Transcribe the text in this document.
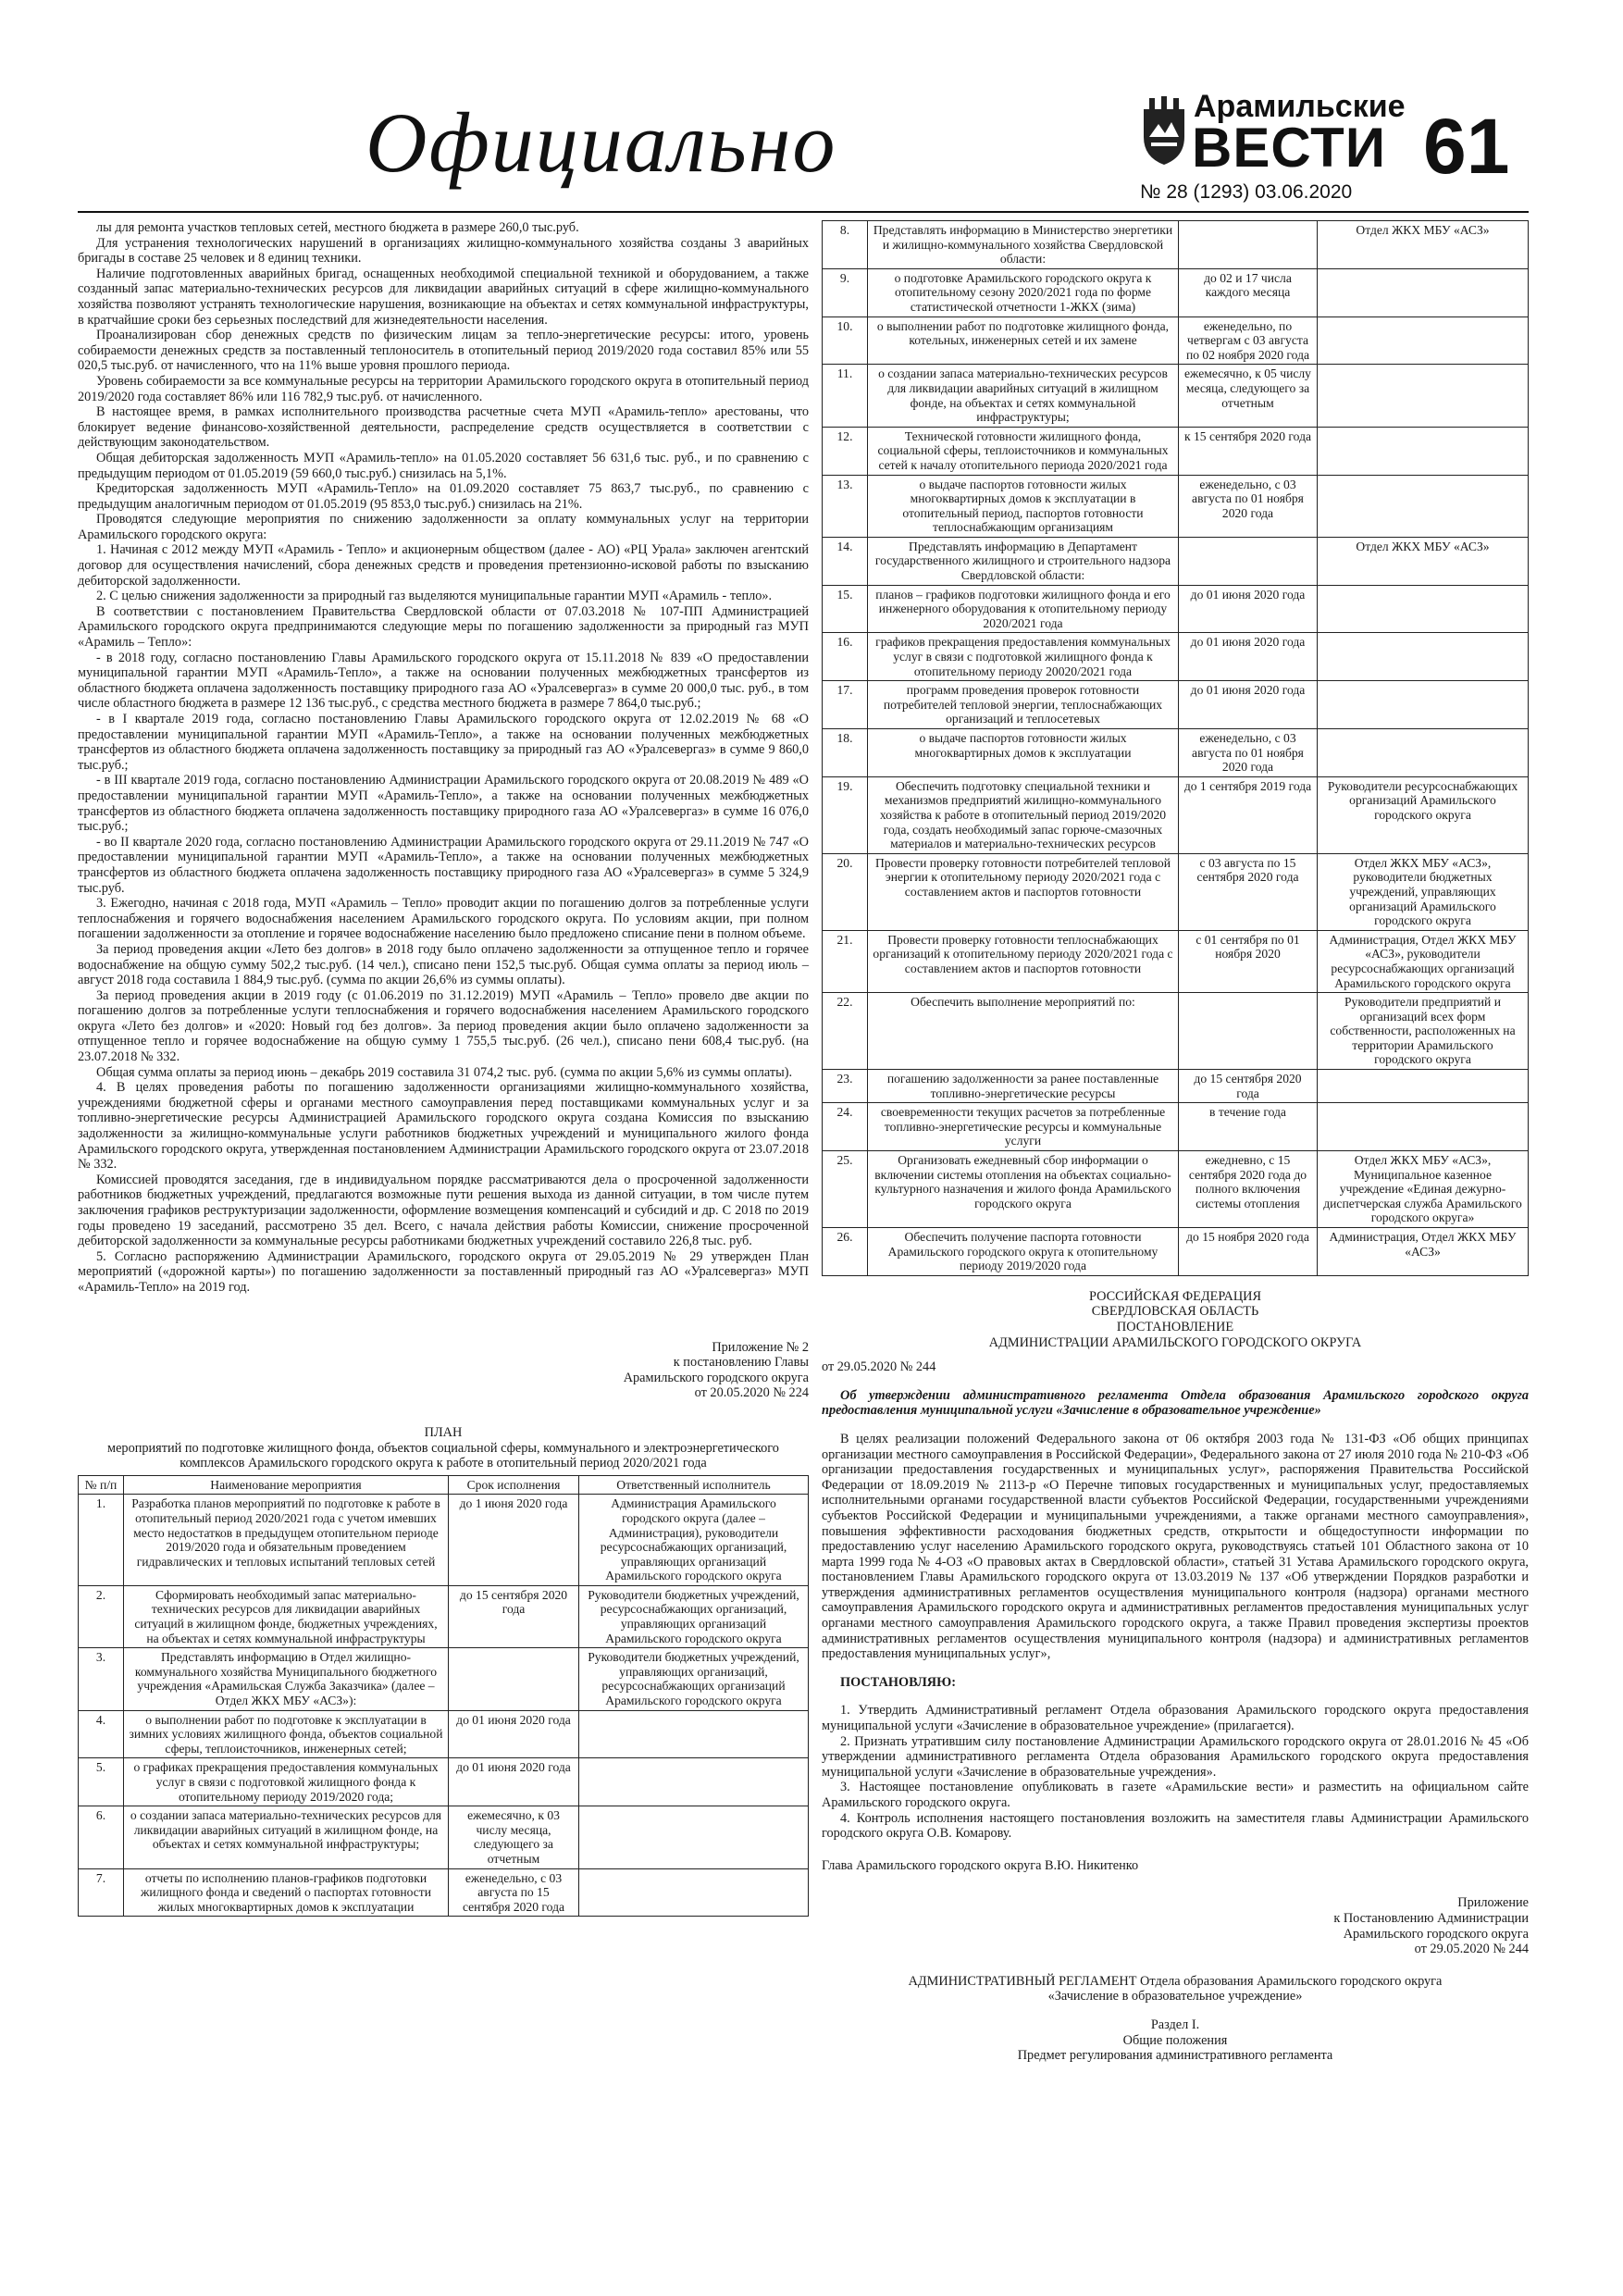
Официально	Арамильские
ВЕСТИ 61
№ 28 (1293) 03.06.2020

лы для ремонта участков тепловых сетей, местного бюджета в размере 260,0 тыс.руб.

Для устранения технологических нарушений в организациях жилищно-коммунального хозяйства созданы 3 аварийных бригады в составе 25 человек и 8 единиц техники.

Наличие подготовленных аварийных бригад, оснащенных необходимой специальной техникой и оборудованием, а также созданный запас материально-технических ресурсов для ликвидации аварийных ситуаций в сфере жилищно-коммунального хозяйства позволяют устранять технологические нарушения, возникающие на объектах и сетях коммунальной инфраструктуры, в кратчайшие сроки без серьезных последствий для жизнедеятельности населения.

Проанализирован сбор денежных средств по физическим лицам за тепло-энергетические ресурсы: итого, уровень собираемости денежных средств за поставленный теплоноситель в отопительный период 2019/2020 года составил 85% или 55 020,5 тыс.руб. от начисленного, что на 11% выше уровня прошлого периода.

Уровень собираемости за все коммунальные ресурсы на территории Арамильского городского округа в отопительный период 2019/2020 года составляет 86% или 116 782,9 тыс.руб. от начисленного.

В настоящее время, в рамках исполнительного производства расчетные счета МУП «Арамиль-тепло» арестованы, что блокирует ведение финансово-хозяйственной деятельности, распределение средств осуществляется в соответствии с действующим законодательством.

Общая дебиторская задолженность МУП «Арамиль-тепло» на 01.05.2020 составляет 56 631,6 тыс. руб., и по сравнению с предыдущим периодом от 01.05.2019 (59 660,0 тыс.руб.) снизилась на 5,1%.

Кредиторская задолженность МУП «Арамиль-Тепло» на 01.09.2020 составляет 75 863,7 тыс.руб., по сравнению с предыдущим аналогичным периодом от 01.05.2019 (95 853,0 тыс.руб.) снизилась на 21%.

Проводятся следующие мероприятия по снижению задолженности за оплату коммунальных услуг на территории Арамильского городского округа:

1. Начиная с 2012 между МУП «Арамиль - Тепло» и акционерным обществом (далее - АО) «РЦ Урала» заключен агентский договор для осуществления начислений, сбора денежных средств и проведения претензионно-исковой работы по взысканию дебиторской задолженности.

2. С целью снижения задолженности за природный газ выделяются муниципальные гарантии МУП «Арамиль - тепло».

В соответствии с постановлением Правительства Свердловской области от 07.03.2018 № 107-ПП Администрацией Арамильского городского округа предпринимаются следующие меры по погашению задолженности за природный газ МУП «Арамиль – Тепло»:

- в 2018 году, согласно постановлению Главы Арамильского городского округа от 15.11.2018 № 839 «О предоставлении муниципальной гарантии МУП «Арамиль-Тепло», а также на основании полученных межбюджетных трансфертов из областного бюджета оплачена задолженность поставщику природного газа АО «Уралсевергаз» в сумме 20 000,0 тыс. руб., в том числе областного бюджета в размере 12 136 тыс.руб., с средства местного бюджета в размере 7 864,0 тыс.руб.;

- в I квартале 2019 года, согласно постановлению Главы Арамильского городского округа от 12.02.2019 № 68 «О предоставлении муниципальной гарантии МУП «Арамиль-Тепло», а также на основании полученных межбюджетных трансфертов из областного бюджета оплачена задолженность поставщику за природный газ АО «Уралсевергаз» в сумме 9 860,0 тыс.руб.;

- в III квартале 2019 года, согласно постановлению Администрации Арамильского городского округа от 20.08.2019 № 489 «О предоставлении муниципальной гарантии МУП «Арамиль-Тепло», а также на основании полученных межбюджетных трансфертов из областного бюджета оплачена задолженность поставщику природного газа АО «Уралсевергаз» в сумме 16 076,0 тыс.руб.;

- во II квартале 2020 года, согласно постановлению Администрации Арамильского городского округа от 29.11.2019 № 747 «О предоставлении муниципальной гарантии МУП «Арамиль-Тепло», а также на основании полученных межбюджетных трансфертов из областного бюджета оплачена задолженность поставщику природного газа АО «Уралсевергаз» в сумме 5 324,9 тыс.руб.

3. Ежегодно, начиная с 2018 года, МУП «Арамиль – Тепло» проводит акции по погашению долгов за потребленные услуги теплоснабжения и горячего водоснабжения населением Арамильского городского округа. По условиям акции, при полном погашении задолженности за отопление и горячее водоснабжение населению было предложено списание пени в полном объеме.

За период проведения акции «Лето без долгов» в 2018 году было оплачено задолженности за отпущенное тепло и горячее водоснабжение на общую сумму 502,2 тыс.руб. (14 чел.), списано пени 152,5 тыс.руб. Общая сумма оплаты за период июль – август 2018 года составила 1 884,9 тыс.руб. (сумма по акции 26,6% из суммы оплаты).

За период проведения акции в 2019 году (с 01.06.2019 по 31.12.2019) МУП «Арамиль – Тепло» провело две акции по погашению долгов за потребленные услуги теплоснабжения и горячего водоснабжения населением Арамильского городского округа «Лето без долгов» и «2020: Новый год без долгов». За период проведения акции было оплачено задолженности за отпущенное тепло и горячее водоснабжение на общую сумму 1 755,5 тыс.руб. (26 чел.), списано пени 608,4 тыс.руб. (на 23.07.2018 № 332.

Общая сумма оплаты за период июнь – декабрь 2019 составила 31 074,2 тыс. руб. (сумма по акции 5,6% из суммы оплаты).

4. В целях проведения работы по погашению задолженности организациями жилищно-коммунального хозяйства, учреждениями бюджетной сферы и органами местного самоуправления перед поставщиками коммунальных услуг и за топливно-энергетические ресурсы Администрацией Арамильского городского округа создана Комиссия по взысканию задолженности за жилищно-коммунальные услуги работников бюджетных учреждений и муниципального жилого фонда Арамильского городского округа, утвержденная постановлением Администрации Арамильского городского округа от 23.07.2018 № 332.

Комиссией проводятся заседания, где в индивидуальном порядке рассматриваются дела о просроченной задолженности работников бюджетных учреждений, предлагаются возможные пути решения выхода из данной ситуации, в том числе путем заключения графиков реструктуризации задолженности, оформление возмещения компенсаций и субсидий и др. С 2018 по 2019 годы проведено 19 заседаний, рассмотрено 35 дел. Всего, с начала действия работы Комиссии, снижение просроченной дебиторской задолженности за коммунальные ресурсы работниками бюджетных учреждений составило 226,8 тыс. руб.

5. Согласно распоряжению Администрации Арамильского, городского округа от 29.05.2019 № 29 утвержден План мероприятий («дорожной карты») по погашению задолженности за поставленный природный газ АО «Уралсевергаз» МУП «Арамиль-Тепло» на 2019 год.

Приложение № 2
к постановлению Главы
Арамильского городского округа
от 20.05.2020 № 224
ПЛАН
мероприятий по подготовке жилищного фонда, объектов социальной сферы, коммунального и электроэнергетического комплексов Арамильского городского округа к работе в отопительный период 2020/2021 года
№ п/п	Наименование мероприятия	Срок исполнения	Ответственный исполнитель
1.	Разработка планов мероприятий по подготовке к работе в отопительный период 2020/2021 года с учетом имевших место недостатков в предыдущем отопительном периоде 2019/2020 года и обязательным проведением гидравлических и тепловых испытаний тепловых сетей	до 1 июня 2020 года	Администрация Арамильского городского округа (далее – Администрация), руководители ресурсоснабжающих организаций, управляющих организаций Арамильского городского округа
2.	Сформировать необходимый запас материально-технических ресурсов для ликвидации аварийных ситуаций в жилищном фонде, бюджетных учреждениях, на объектах и сетях коммунальной инфраструктуры	до 15 сентября 2020 года	Руководители бюджетных учреждений, ресурсоснабжающих организаций, управляющих организаций Арамильского городского округа
3.	Представлять информацию в Отдел жилищно-коммунального хозяйства Муниципального бюджетного учреждения «Арамильская Служба Заказчика» (далее – Отдел ЖКХ МБУ «АСЗ»):		Руководители бюджетных учреждений, управляющих организаций, ресурсоснабжающих организаций Арамильского городского округа
4.	о выполнении работ по подготовке к эксплуатации в зимних условиях жилищного фонда, объектов социальной сферы, теплоисточников, инженерных сетей;	до 01 июня 2020 года	
5.	о графиках прекращения предоставления коммунальных услуг в связи с подготовкой жилищного фонда к отопительному периоду 2019/2020 года;	до 01 июня 2020 года	
6.	о создании запаса материально-технических ресурсов для ликвидации аварийных ситуаций в жилищном фонде, на объектах и сетях коммунальной инфраструктуры;	ежемесячно, к 03 числу месяца, следующего за отчетным	
7.	отчеты по исполнению планов-графиков подготовки жилищного фонда и сведений о паспортах готовности жилых многоквартирных домов к эксплуатации	еженедельно, с 03 августа по 15 сентября 2020 года	
8.	Представлять информацию в Министерство энергетики и жилищно-коммунального хозяйства Свердловской области:		Отдел ЖКХ МБУ «АСЗ»
9.	о подготовке Арамильского городского округа к отопительному сезону 2020/2021 года по форме статистической отчетности 1-ЖКХ (зима)	до 02 и 17 числа каждого месяца	
10.	о выполнении работ по подготовке жилищного фонда, котельных, инженерных сетей и их замене	еженедельно, по четвергам с 03 августа по 02 ноября 2020 года	
11.	о создании запаса материально-технических ресурсов для ликвидации аварийных ситуаций в жилищном фонде, на объектах и сетях коммунальной инфраструктуры;	ежемесячно, к 05 числу месяца, следующего за отчетным	
12.	Технической готовности жилищного фонда, социальной сферы, теплоисточников и коммунальных сетей к началу отопительного периода 2020/2021 года	к 15 сентября 2020 года	
13.	о выдаче паспортов готовности жилых многоквартирных домов к эксплуатации в отопительный период, паспортов готовности теплоснабжающим организациям	еженедельно, с 03 августа по 01 ноября 2020 года	
14.	Представлять информацию в Департамент государственного жилищного и строительного надзора Свердловской области:		Отдел ЖКХ МБУ «АСЗ»
15.	планов – графиков подготовки жилищного фонда и его инженерного оборудования к отопительному периоду 2020/2021 года	до 01 июня 2020 года	
16.	графиков прекращения предоставления коммунальных услуг в связи с подготовкой жилищного фонда к отопительному периоду 20020/2021 года	до 01 июня 2020 года	
17.	программ проведения проверок готовности потребителей тепловой энергии, теплоснабжающих организаций и теплосетевых	до 01 июня 2020 года	
18.	о выдаче паспортов готовности жилых многоквартирных домов к эксплуатации	еженедельно, с 03 августа по 01 ноября 2020 года	
19.	Обеспечить подготовку специальной техники и механизмов предприятий жилищно-коммунального хозяйства к работе в отопительный период 2019/2020 года, создать необходимый запас горюче-смазочных материалов и материально-технических ресурсов	до 1 сентября 2019 года	Руководители ресурсоснабжающих организаций Арамильского городского округа
20.	Провести проверку готовности потребителей тепловой энергии к отопительному периоду 2020/2021 года с составлением актов и паспортов готовности	с 03 августа по 15 сентября 2020 года	Отдел ЖКХ МБУ «АСЗ», руководители бюджетных учреждений, управляющих организаций Арамильского городского округа
21.	Провести проверку готовности теплоснабжающих организаций к отопительному периоду 2020/2021 года с составлением актов и паспортов готовности	с 01 сентября по 01 ноября 2020	Администрация, Отдел ЖКХ МБУ «АСЗ», руководители ресурсоснабжающих организаций Арамильского городского округа
22.	Обеспечить выполнение мероприятий по:		Руководители предприятий и организаций всех форм собственности, расположенных на территории Арамильского городского округа
23.	погашению задолженности за ранее поставленные топливно-энергетические ресурсы	до 15 сентября 2020 года	
24.	своевременности текущих расчетов за потребленные топливно-энергетические ресурсы и коммунальные услуги	в течение года	
25.	Организовать ежедневный сбор информации о включении системы отопления на объектах социально-культурного назначения и жилого фонда Арамильского городского округа	ежедневно, с 15 сентября 2020 года до полного включения системы отопления	Отдел ЖКХ МБУ «АСЗ», Муниципальное казенное учреждение «Единая дежурно-диспетчерская служба Арамильского городского округа»
26.	Обеспечить получение паспорта готовности Арамильского городского округа к отопительному периоду 2019/2020 года	до 15 ноября 2020 года	Администрация, Отдел ЖКХ МБУ «АСЗ»
РОССИЙСКАЯ ФЕДЕРАЦИЯ
СВЕРДЛОВСКАЯ ОБЛАСТЬ
ПОСТАНОВЛЕНИЕ
АДМИНИСТРАЦИИ АРАМИЛЬСКОГО ГОРОДСКОГО ОКРУГА
от 29.05.2020 № 244
Об утверждении административного регламента Отдела образования Арамильского городского округа предоставления муниципальной услуги «Зачисление в образовательное учреждение»

В целях реализации положений Федерального закона от 06 октября 2003 года № 131-ФЗ «Об общих принципах организации местного самоуправления в Российской Федерации», Федерального закона от 27 июля 2010 года № 210-ФЗ «Об организации предоставления государственных и муниципальных услуг», распоряжения Правительства Российской Федерации от 18.09.2019 № 2113-р «О Перечне типовых государственных и муниципальных услуг, предоставляемых исполнительными органами государственной власти субъектов Российской Федерации, государственными учреждениями субъектов Российской Федерации и муниципальными учреждениями, а также органами местного самоуправления», повышения эффективности расходования бюджетных средств, открытости и общедоступности информации по предоставлению услуг населению Арамильского городского округа, руководствуясь статьей 101 Областного закона от 10 марта 1999 года № 4-ОЗ «О правовых актах в Свердловской области», статьей 31 Устава Арамильского городского округа, постановлением Главы Арамильского городского округа от 13.03.2019 № 137 «Об утверждении Порядков разработки и утверждения административных регламентов осуществления муниципального контроля (надзора) органами местного самоуправления Арамильского городского округа и административных регламентов предоставления муниципальных услуг органами местного самоуправления Арамильского городского округа, а также Правил проведения экспертизы проектов административных регламентов осуществления муниципального контроля (надзора) и административных регламентов предоставления муниципальных услуг»,

ПОСТАНОВЛЯЮ:

1. Утвердить Административный регламент Отдела образования Арамильского городского округа предоставления муниципальной услуги «Зачисление в образовательное учреждение» (прилагается).

2. Признать утратившим силу постановление Администрации Арамильского городского округа от 28.01.2016 № 45 «Об утверждении административного регламента Отдела образования Арамильского городского округа предоставления муниципальной услуги «Зачисление в образовательные учреждения».

3. Настоящее постановление опубликовать в газете «Арамильские вести» и разместить на официальном сайте Арамильского городского округа.

4. Контроль исполнения настоящего постановления возложить на заместителя главы Администрации Арамильского городского округа О.В. Комарову.

Глава Арамильского городского округа В.Ю. Никитенко
Приложение
к Постановлению Администрации
Арамильского городского округа
от 29.05.2020 № 244
АДМИНИСТРАТИВНЫЙ РЕГЛАМЕНТ Отдела образования Арамильского городского округа
«Зачисление в образовательное учреждение»
Раздел I.
Общие положения
Предмет регулирования административного регламента
